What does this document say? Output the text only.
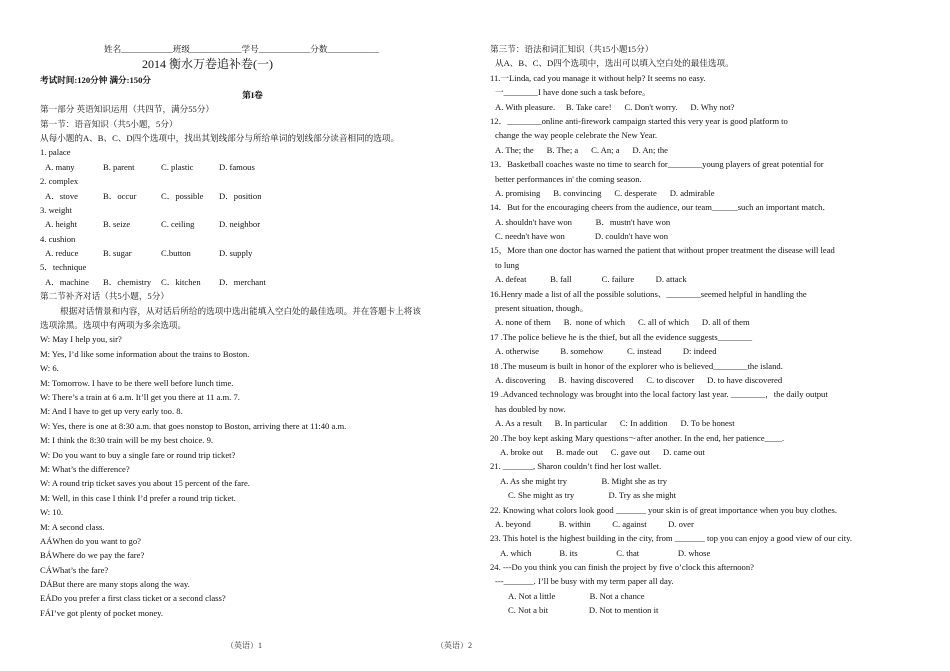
姓名____________班级____________学号____________分数____________
2014 衡水万卷追补卷(一)
考试时间:120分钟 满分:150分
第I卷
第一部分 英语知识运用（共四节，满分55分）
第一节：语音知识（共5小题，5分）
从每小题的A、B、C、D四个选项中，找出其划线部分与所给单词的划线部分读音相同的选项。
1. palace
A. many	B. parent	C. plastic	D. famous
2. complex
A．stove	B．occur	C．possible D．position
3. weight
A. height	B. seize	C. ceiling	D. neighbor
4. cushion
A. reduce	B. sugar	C.button	D. supply
5．technique
A．machine B．chemistry C．kitchen D．merchant
第二节补齐对话（共5小题，5分）
根据对话情景和内容，从对话后所给的选项中选出能填入空白处的最佳选项。并在答题卡上将该
选项涂黑。选项中有两项为多余选项。
W: May I help you, sir?
M: Yes, I’d like some information about the trains to Boston.
W: 6.
M: Tomorrow. I have to be there well before lunch time.
W: There’s a train at 6 a.m. It’ll get you there at 11 a.m. 7.
M: And I have to get up very early too. 8.
W: Yes, there is one at 8:30 a.m. that goes nonstop to Boston, arriving there at 11:40 a.m.
M: I think the 8:30 train will be my best choice. 9.
W: Do you want to buy a single fare or round trip ticket?
M: What’s the difference?
W: A round trip ticket saves you about 15 percent of the fare.
M: Well, in this case I think I’d prefer a round trip ticket.
W: 10.
M: A second class.
AÁWhen do you want to go?
BÁWhere do we pay the fare?
CÁWhat’s the fare?
DÁBut there are many stops along the way.
EÁDo you prefer a first class ticket or a second class?
FÁI’ve got plenty of pocket money.
第三节：语法和词汇知识（共15小题15分）
从A、B、C、D四个选项中，选出可以填入空白处的最佳选项。
11.一Linda, cad you manage it without help? It seems no easy.
一________I have done such a task before。
A. With pleasure.     B. Take care!      C. Don't worry.      D. Why not?
12．________online anti-firework campaign started this very year is good platform to
change the way people celebrate the New Year.
A. The; the      B. The; a      C. An; a      D. An; the
13．Basketball coaches waste no time to search for________young players of great potential for
better performances in' the coming season.
A. promising      B. convincing      C. desperate      D. admirable
14．But for the encouraging cheers from the audience, our team______such an important match．
A. shouldn't have won           B．mustn't have won
C. needn't have won              D. couldn't have won
15，More than one doctor has warned the patient that without proper treatment the disease will lead
to lung
A. defeat           B. fall              C. failure          D. attack
16.Henry made a list of all the possible solutions、________seemed helpful in handling the
present situation, though。
A. none of them      B.  none of which      C. all of which      D. all of them
17 .The police believe he is the thief, but all the evidence suggests________
A. otherwise          B. somehow           C. instead          D: indeed
18 .The museum is built in honor of the explorer who is believed________the island.
A. discovering      B.  having discovered      C. to discover      D. to have discovered
19 .Advanced technology was brought into the local factory last year. ________，the daily output
has doubled by now.
A. As a result      B. In particular      C: In addition      D. To be honest
20 .The boy kept asking Mary questions～after another. In the end, her patience____.
A. broke out      B. made out      C. gave out      D. came out
21. _______, Sharon couldn’t find her lost wallet.
A. As she might try                B. Might she as try
C. She might as try                D. Try as she might
22. Knowing what colors look good _______ your skin is of great importance when you buy clothes.
A. beyond             B. within          C. against          D. over
23. This hotel is the highest building in the city, from _______ top you can enjoy a good view of our city.
A. which             B. its                  C. that                  D. whose
24. ---Do you think you can finish the project by five o’clock this afternoon?
---_______. I’ll be busy with my term paper all day.
A. Not a little                B. Not a chance
C. Not a bit                   D. Not to mention it
（英语）1	（英语）2
